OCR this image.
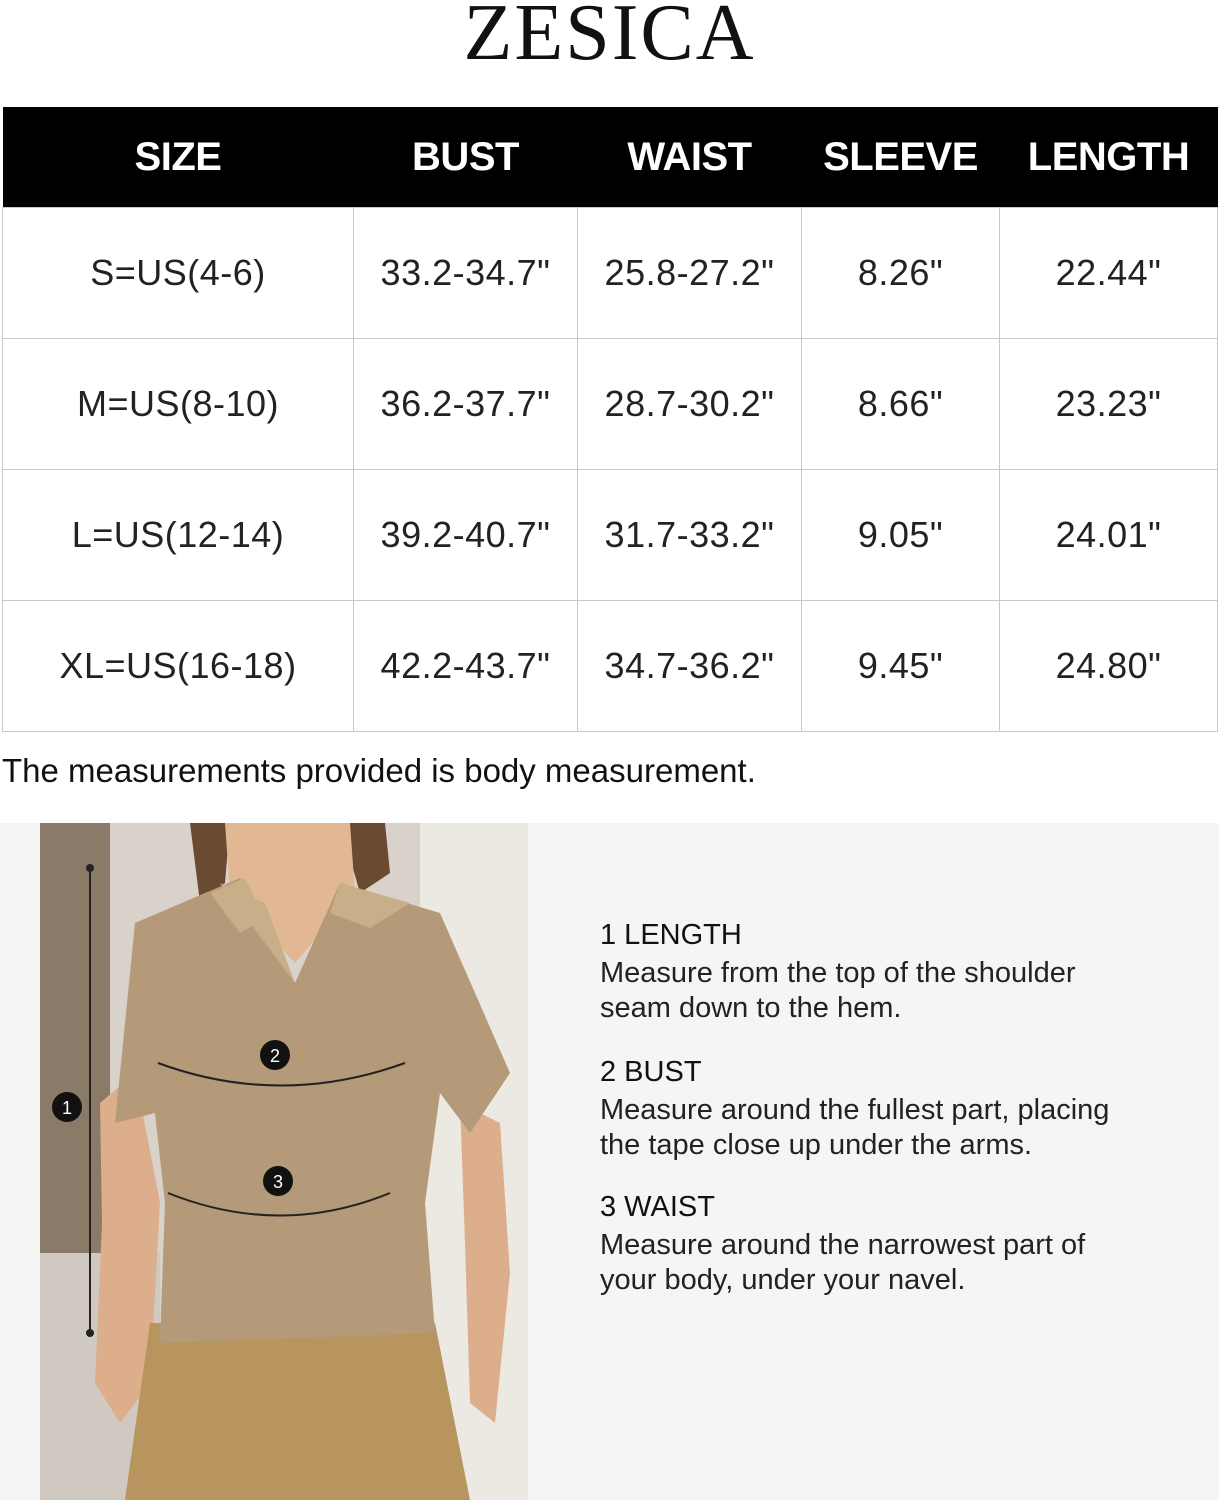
ZESICA
SIZE	BUST	WAIST	SLEEVE	LENGTH
S=US(4-6)	33.2-34.7"	25.8-27.2"	8.26"	22.44"
M=US(8-10)	36.2-37.7"	28.7-30.2"	8.66"	23.23"
L=US(12-14)	39.2-40.7"	31.7-33.2"	9.05"	24.01"
XL=US(16-18)	42.2-43.7"	34.7-36.2"	9.45"	24.80"
The measurements provided is body measurement.
1
2
3
1 LENGTH
Measure from the top of the shoulder
seam down to the hem.
2 BUST
Measure around the fullest part, placing
the tape close up under the arms.
3 WAIST
Measure around the narrowest part of
your body, under your navel.
